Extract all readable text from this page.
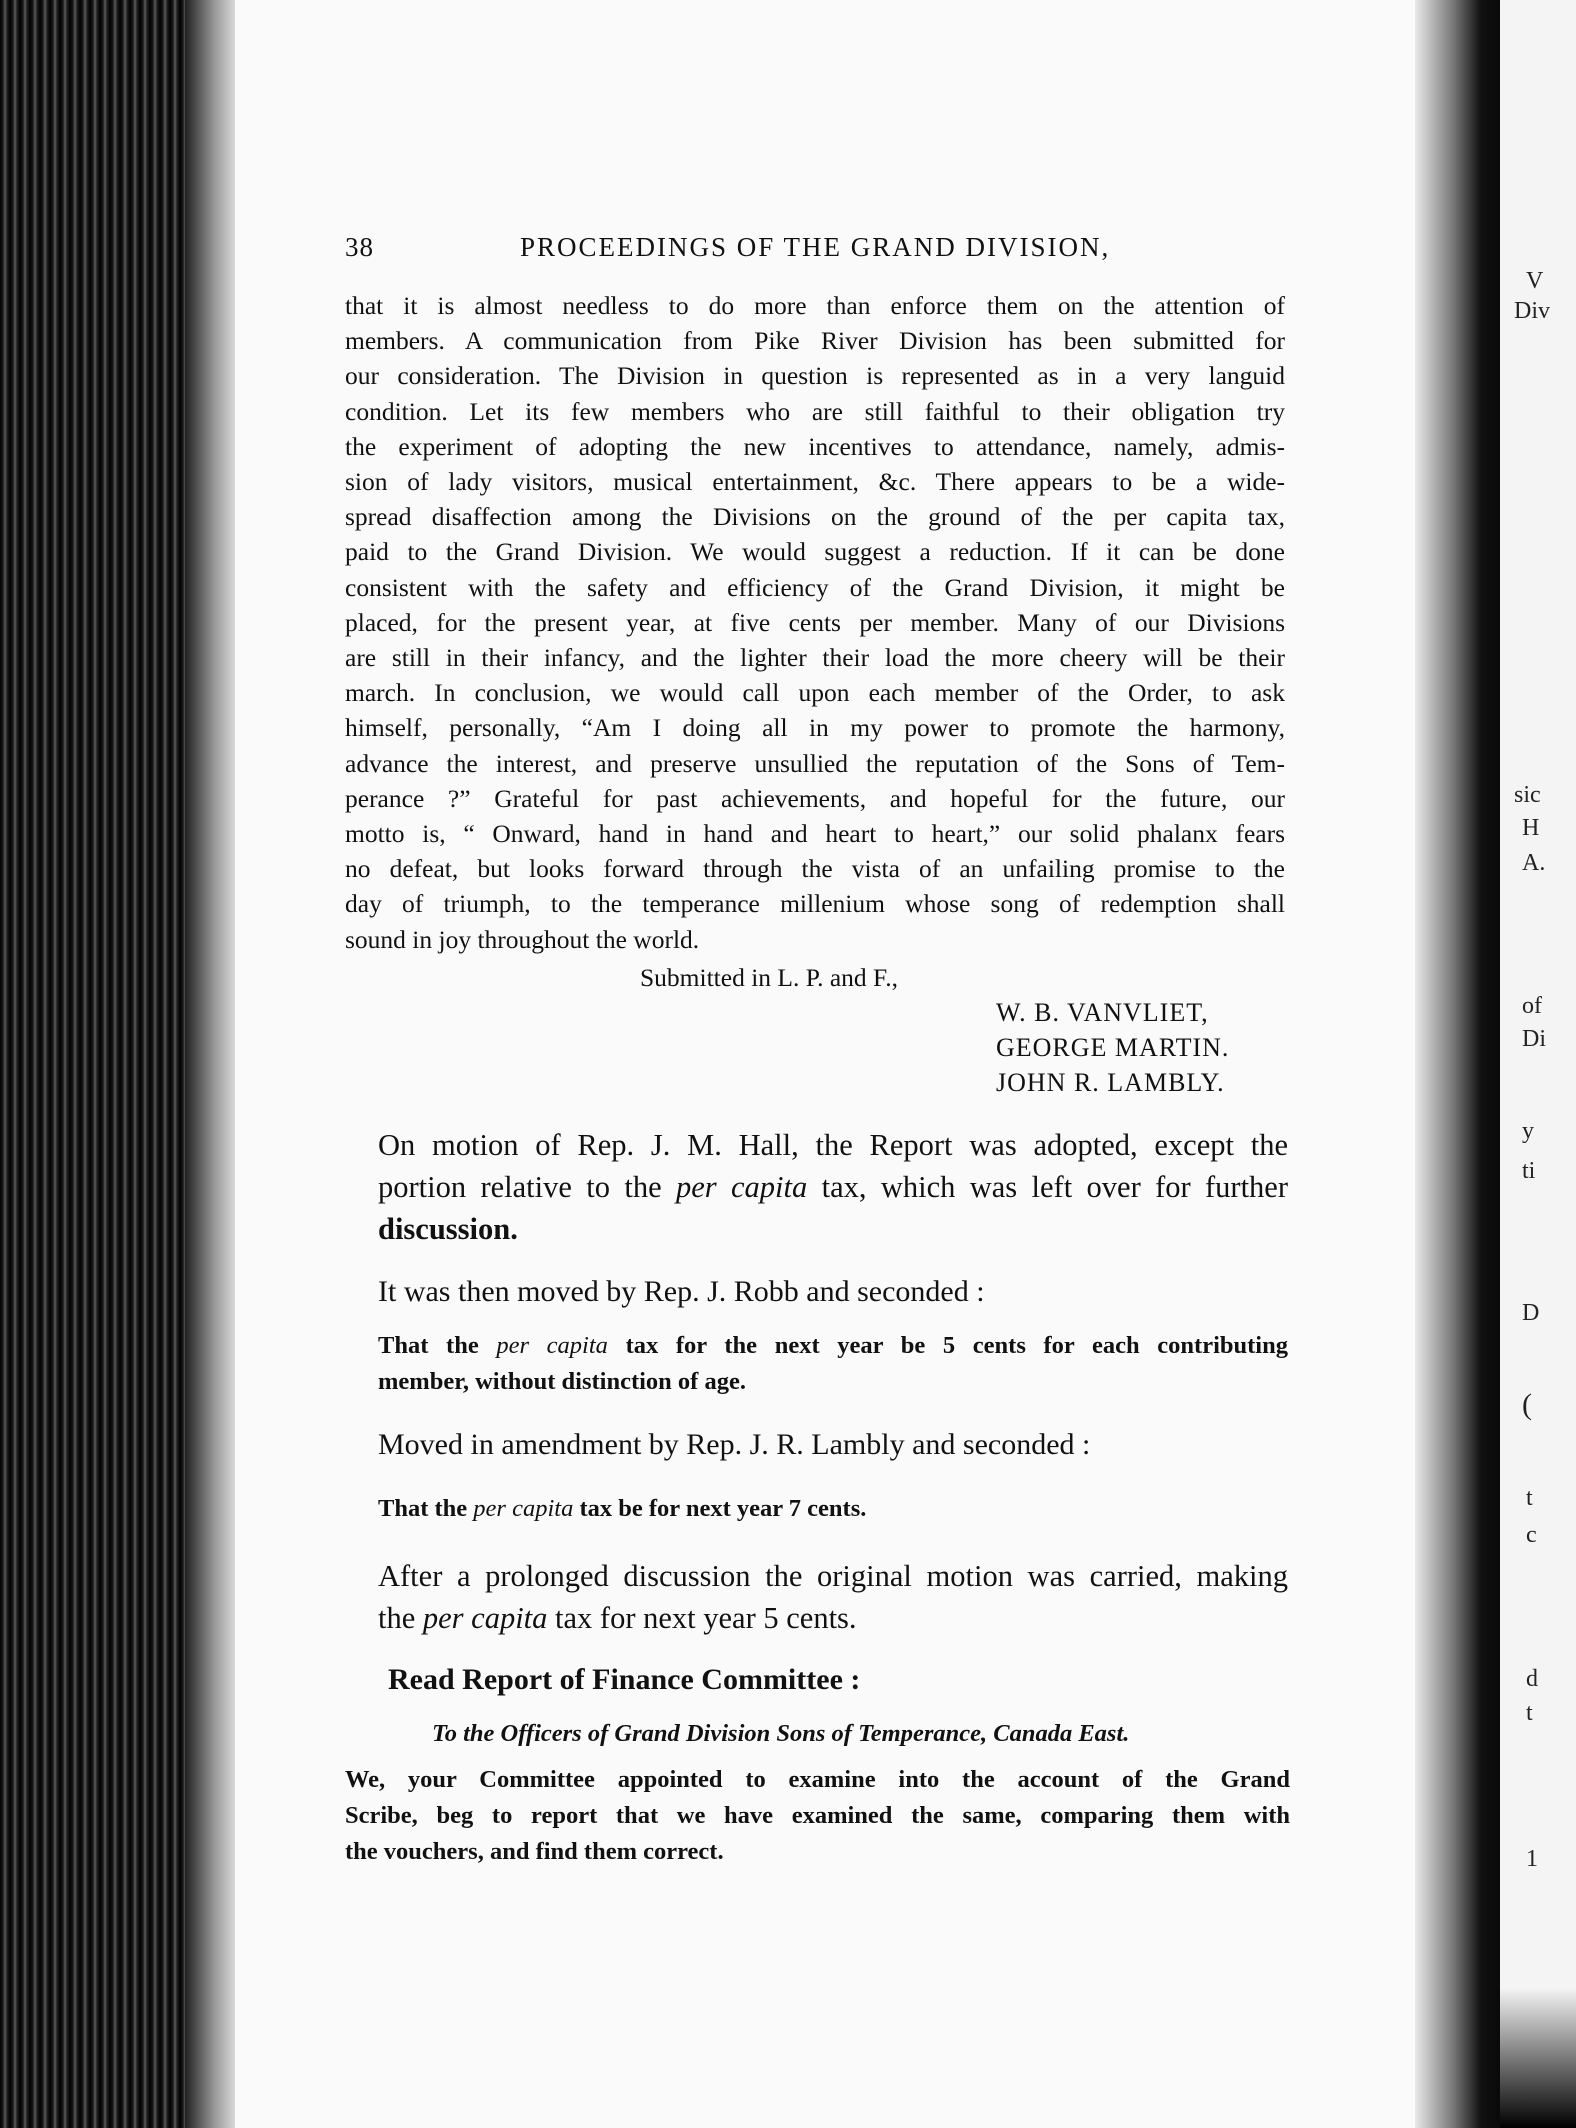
V
Div
sic
H
A.
of
Di
y
ti
D
(
t
c
d
t
1
38	PROCEEDINGS OF THE GRAND DIVISION,
that it is almost needless to do more than enforce them on the attention of
members. A communication from Pike River Division has been submitted for
our consideration. The Division in question is represented as in a very languid
condition. Let its few members who are still faithful to their obligation try
the experiment of adopting the new incentives to attendance, namely, admis-
sion of lady visitors, musical entertainment, &c. There appears to be a wide-
spread disaffection among the Divisions on the ground of the per capita tax,
paid to the Grand Division. We would suggest a reduction. If it can be done
consistent with the safety and efficiency of the Grand Division, it might be
placed, for the present year, at five cents per member. Many of our Divisions
are still in their infancy, and the lighter their load the more cheery will be their
march. In conclusion, we would call upon each member of the Order, to ask
himself, personally, “Am I doing all in my power to promote the harmony,
advance the interest, and preserve unsullied the reputation of the Sons of Tem-
perance ?” Grateful for past achievements, and hopeful for the future, our
motto is, “ Onward, hand in hand and heart to heart,” our solid phalanx fears
no defeat, but looks forward through the vista of an unfailing promise to the
day of triumph, to the temperance millenium whose song of redemption shall
sound in joy throughout the world.
Submitted in L. P. and F.,
W. B. VANVLIET,
GEORGE MARTIN.
JOHN R. LAMBLY.
On motion of Rep. J. M. Hall, the Report was adopted, except the
portion relative to the per capita tax, which was left over for further
discussion.
It was then moved by Rep. J. Robb and seconded :
That the per capita tax for the next year be 5 cents for each contributing
member, without distinction of age.
Moved in amendment by Rep. J. R. Lambly and seconded :
That the per capita tax be for next year 7 cents.
After a prolonged discussion the original motion was carried, making
the per capita tax for next year 5 cents.
Read Report of Finance Committee :
To the Officers of Grand Division Sons of Temperance, Canada East.
We, your Committee appointed to examine into the account of the Grand
Scribe, beg to report that we have examined the same, comparing them with
the vouchers, and find them correct.
